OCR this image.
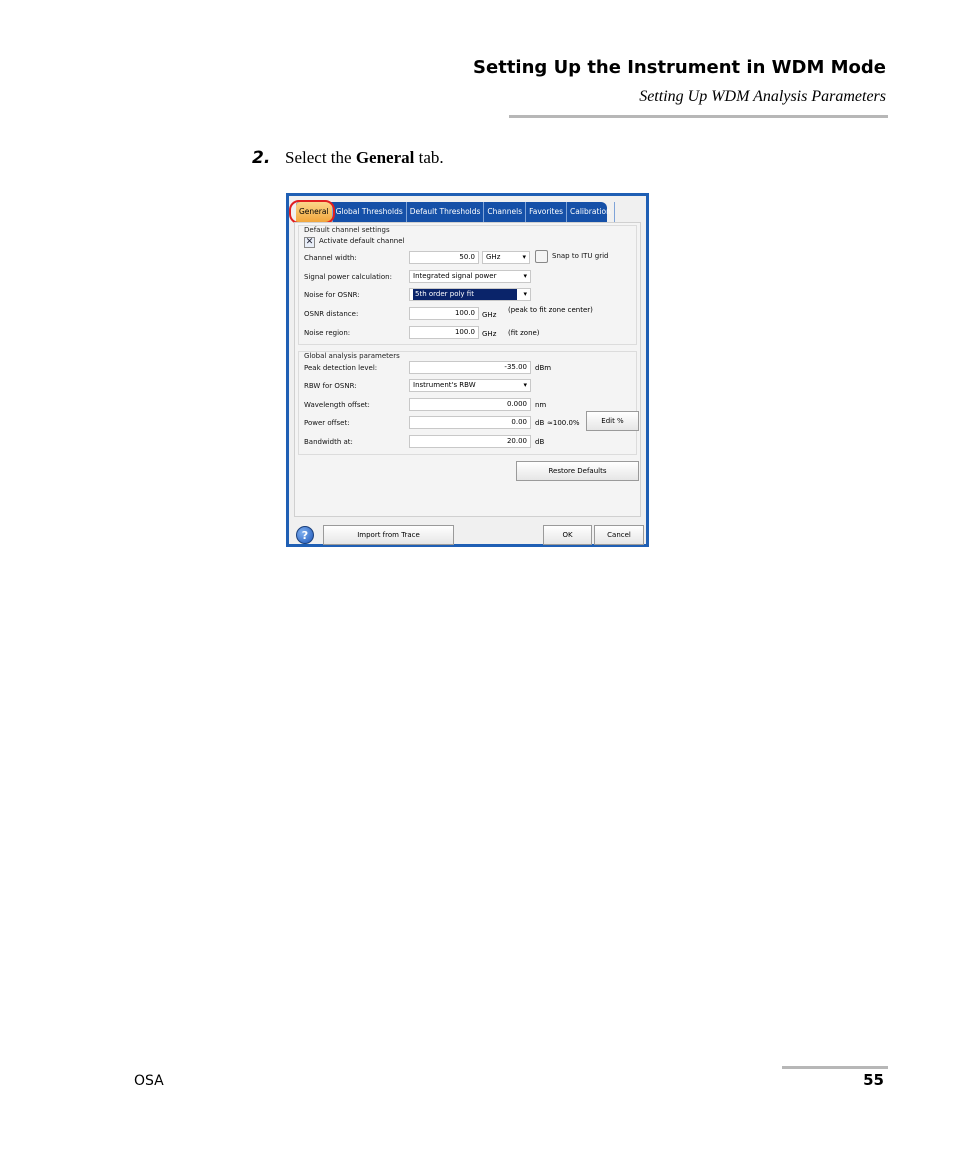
Setting Up the Instrument in WDM Mode
Setting Up WDM Analysis Parameters
2. Select the General tab.
General Global Thresholds Default Thresholds Channels Favorites Calibration
Default channel settings
✕ Activate default channel
Channel width:	50.0	GHz	▾	Snap to ITU grid
Signal power calculation:	Integrated signal power	▾
Noise for OSNR:	5th order poly fit	▾
OSNR distance:	100.0	GHz
(peak to fit zone center)
Noise region:	100.0	GHz (fit zone)
Global analysis parameters
Peak detection level:	-35.00	dBm
RBW for OSNR:	Instrument's RBW	▾
Wavelength offset:	0.000	nm
Power offset:	0.00	dB ≈100.0%	Edit %
Bandwidth at:	20.00	dB
Restore Defaults
?	Import from Trace	OK	Cancel
OSA	55
